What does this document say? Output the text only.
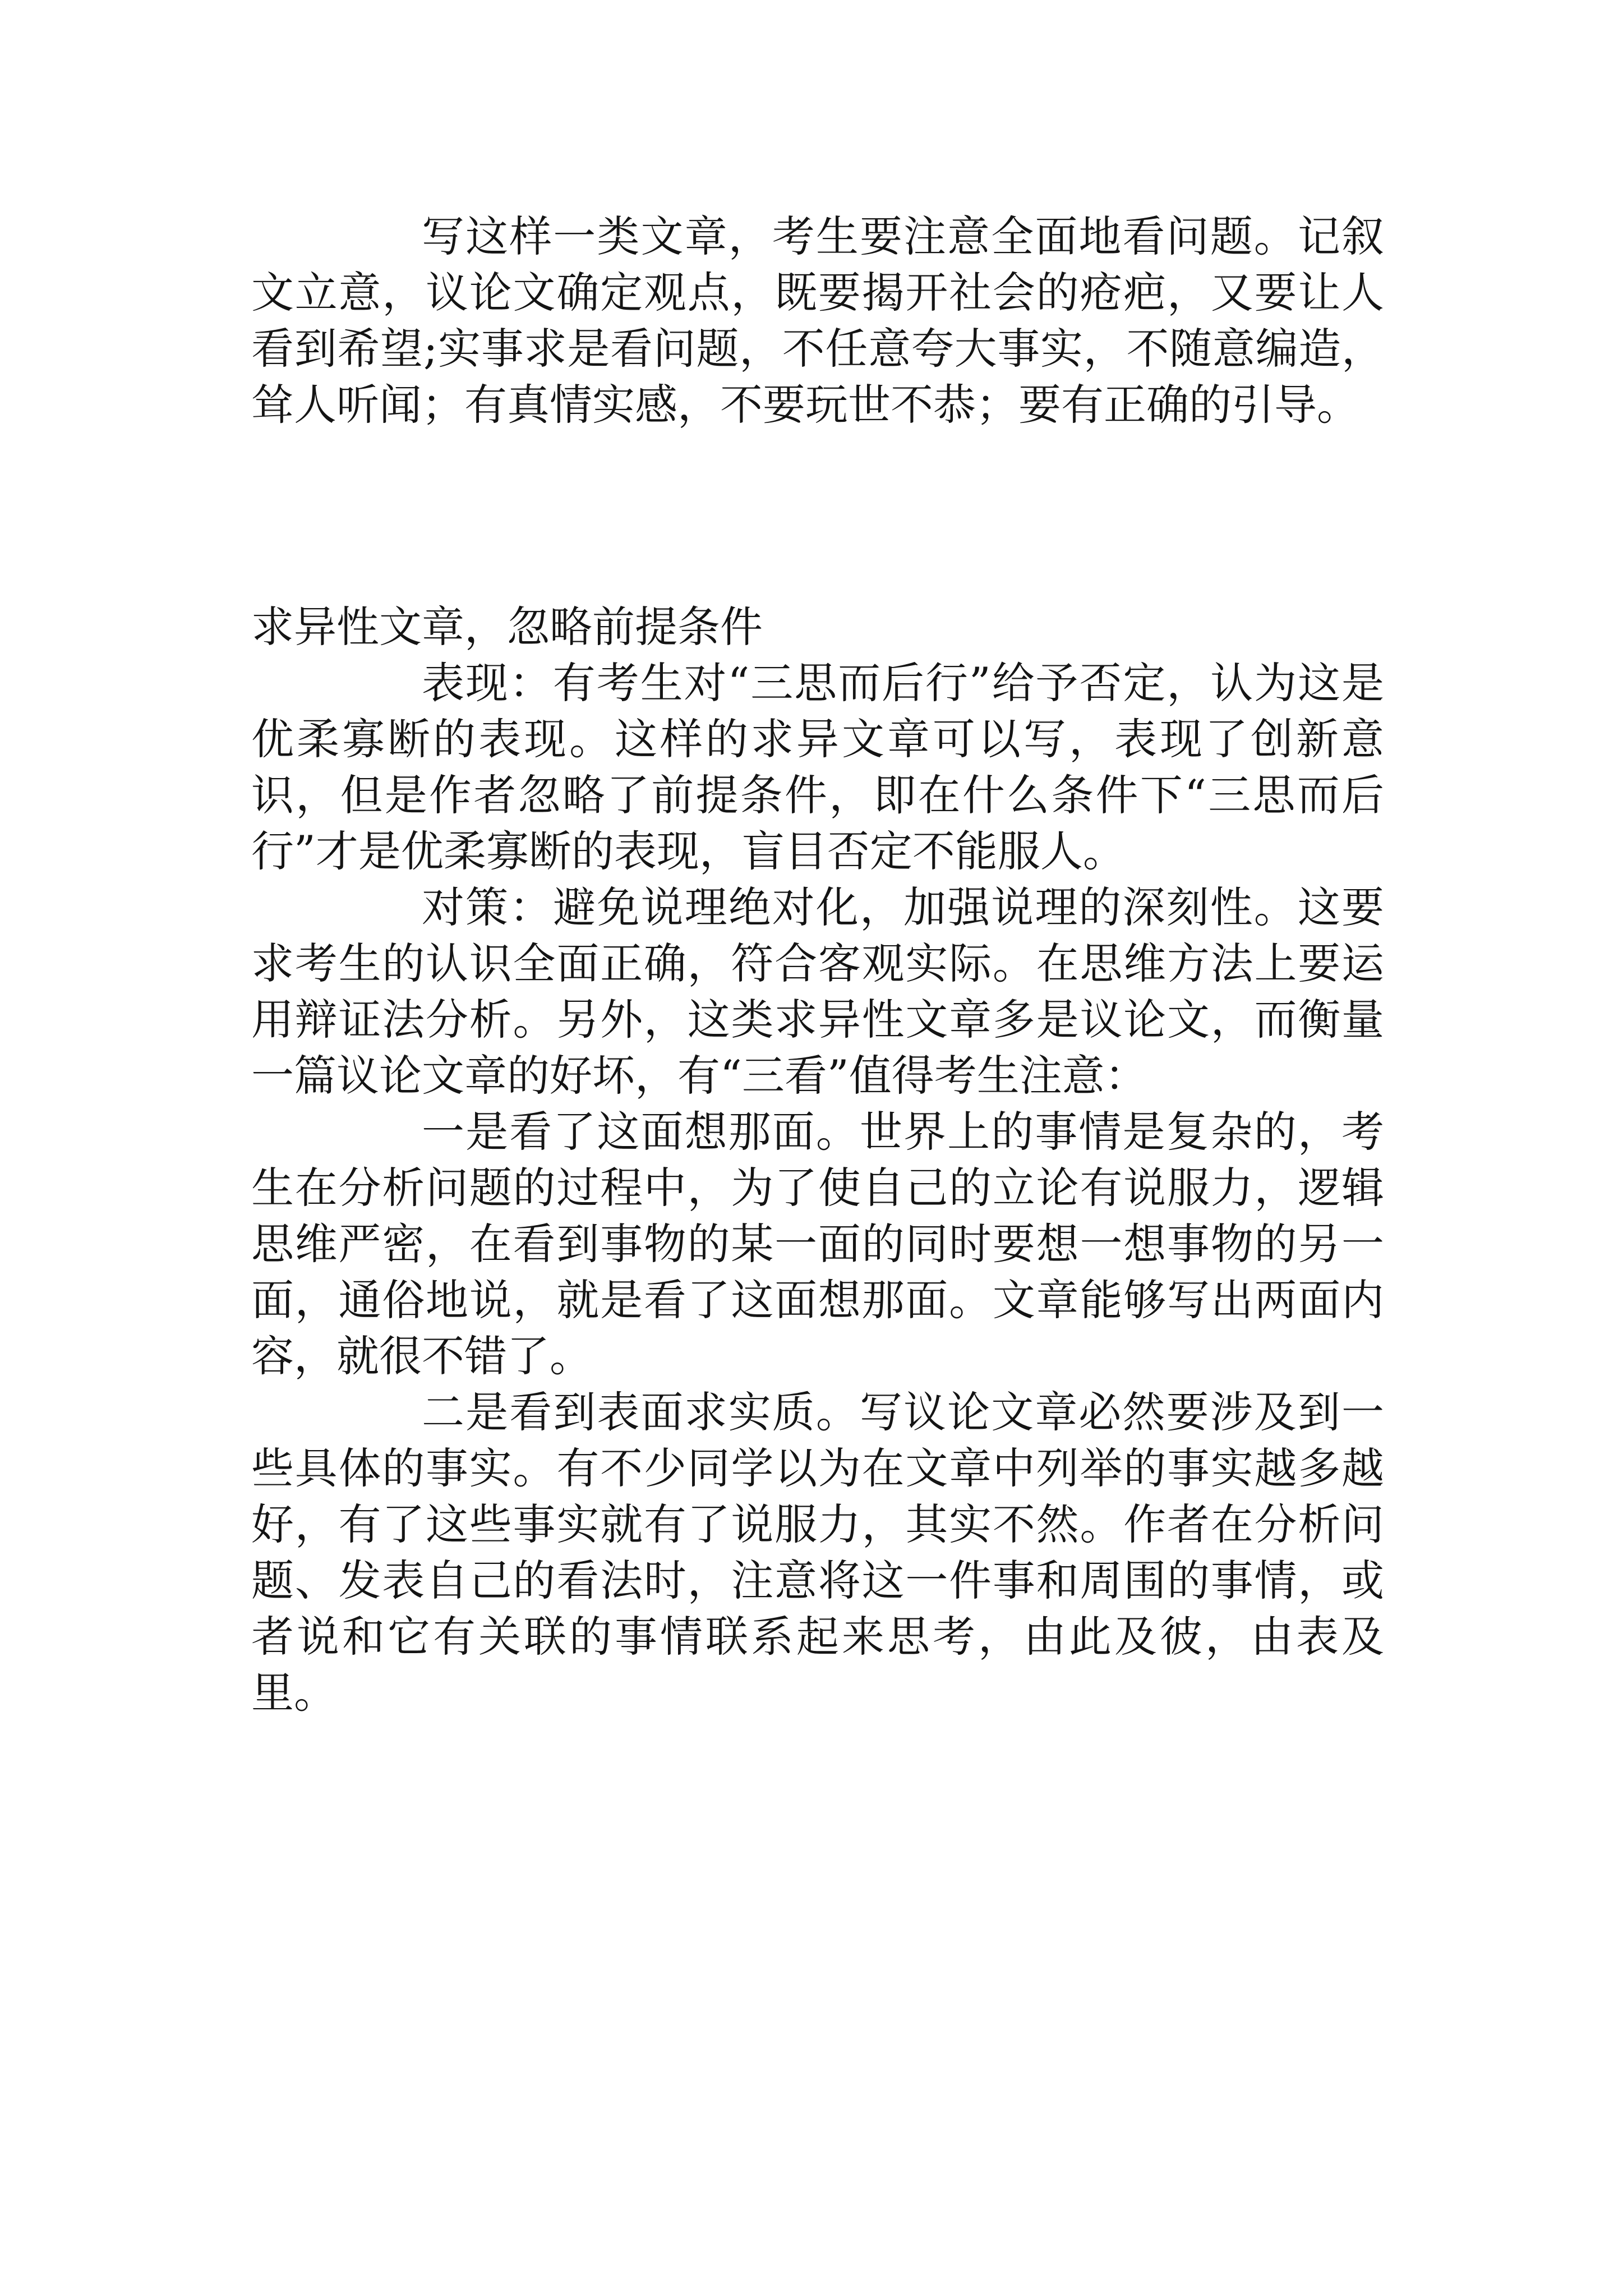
写这样一类文章，考生要注意全面地看问题。记叙文立意，议论文确定观点，既要揭开社会的疮疤，又要让人看到希望;实事求是看问题，不任意夸大事实，不随意编造，耸人听闻；有真情实感，不要玩世不恭；要有正确的引导。

求异性文章，忽略前提条件

表现：有考生对“三思而后行”给予否定，认为这是优柔寡断的表现。这样的求异文章可以写，表现了创新意识，但是作者忽略了前提条件，即在什么条件下“三思而后行”才是优柔寡断的表现，盲目否定不能服人。

对策：避免说理绝对化，加强说理的深刻性。这要求考生的认识全面正确，符合客观实际。在思维方法上要运用辩证法分析。另外，这类求异性文章多是议论文，而衡量一篇议论文章的好坏，有“三看”值得考生注意：

一是看了这面想那面。世界上的事情是复杂的，考生在分析问题的过程中，为了使自己的立论有说服力，逻辑思维严密，在看到事物的某一面的同时要想一想事物的另一面，通俗地说，就是看了这面想那面。文章能够写出两面内容，就很不错了。

二是看到表面求实质。写议论文章必然要涉及到一些具体的事实。有不少同学以为在文章中列举的事实越多越好，有了这些事实就有了说服力，其实不然。作者在分析问题、发表自己的看法时，注意将这一件事和周围的事情，或者说和它有关联的事情联系起来思考，由此及彼，由表及里。
